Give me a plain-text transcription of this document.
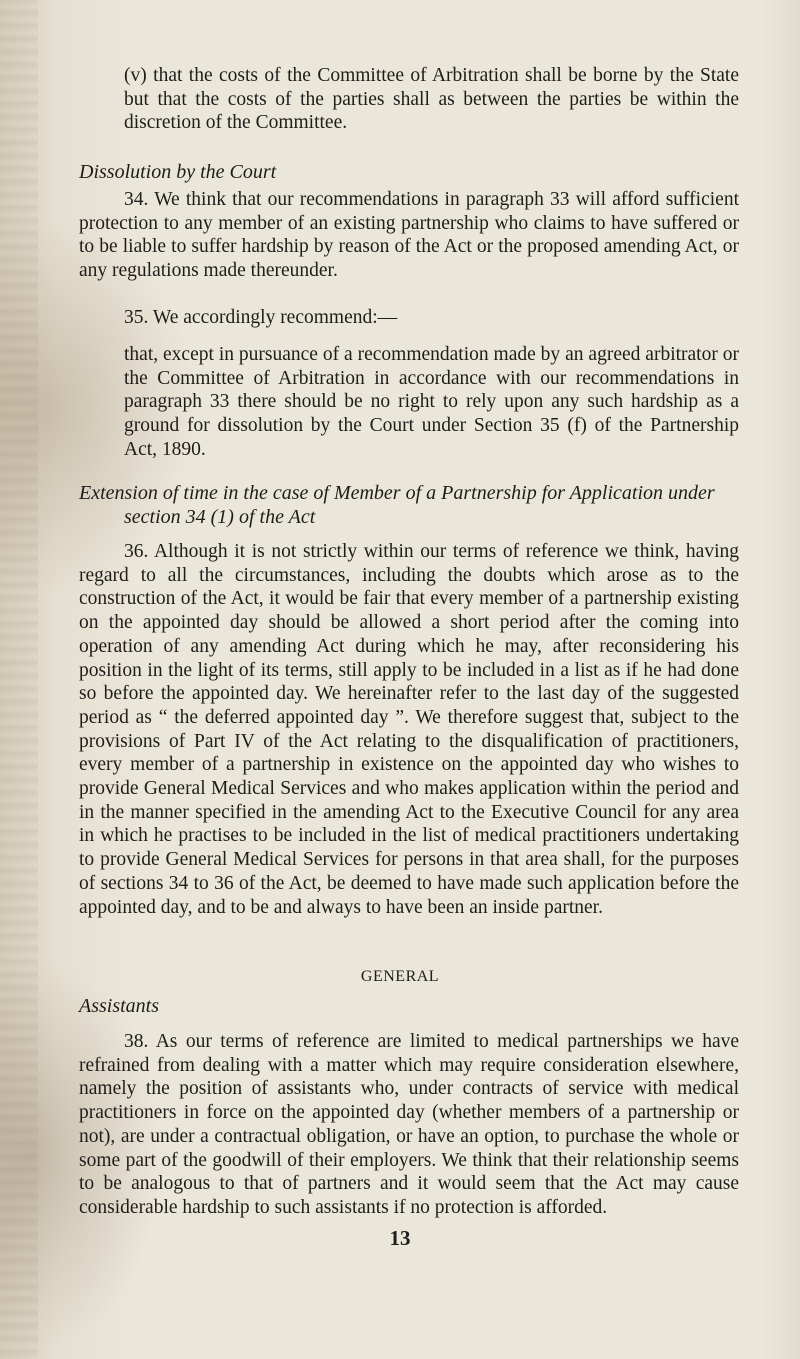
(v) that the costs of the Committee of Arbitration shall be borne by the State but that the costs of the parties shall as between the parties be within the discretion of the Committee.

Dissolution by the Court

34. We think that our recommendations in paragraph 33 will afford sufficient protection to any member of an existing partnership who claims to have suffered or to be liable to suffer hardship by reason of the Act or the proposed amending Act, or any regulations made thereunder.

35. We accordingly recommend:—

that, except in pursuance of a recommendation made by an agreed arbitrator or the Committee of Arbitration in accordance with our recommendations in paragraph 33 there should be no right to rely upon any such hardship as a ground for dissolution by the Court under Section 35 (f) of the Partnership Act, 1890.

Extension of time in the case of Member of a Partnership for Application under section 34 (1) of the Act

36. Although it is not strictly within our terms of reference we think, having regard to all the circumstances, including the doubts which arose as to the construction of the Act, it would be fair that every member of a partnership existing on the appointed day should be allowed a short period after the coming into operation of any amending Act during which he may, after reconsidering his position in the light of its terms, still apply to be included in a list as if he had done so before the appointed day. We hereinafter refer to the last day of the suggested period as “ the deferred appointed day ”. We therefore suggest that, subject to the provisions of Part IV of the Act relating to the disqualification of practitioners, every member of a partnership in existence on the appointed day who wishes to provide General Medical Services and who makes application within the period and in the manner specified in the amending Act to the Executive Council for any area in which he practises to be included in the list of medical practitioners undertaking to provide General Medical Services for persons in that area shall, for the purposes of sections 34 to 36 of the Act, be deemed to have made such application before the appointed day, and to be and always to have been an inside partner.

GENERAL

Assistants

38. As our terms of reference are limited to medical partnerships we have refrained from dealing with a matter which may require consideration elsewhere, namely the position of assistants who, under contracts of service with medical practitioners in force on the appointed day (whether members of a partnership or not), are under a contractual obligation, or have an option, to purchase the whole or some part of the goodwill of their employers. We think that their relationship seems to be analogous to that of partners and it would seem that the Act may cause considerable hardship to such assistants if no protection is afforded.

13
